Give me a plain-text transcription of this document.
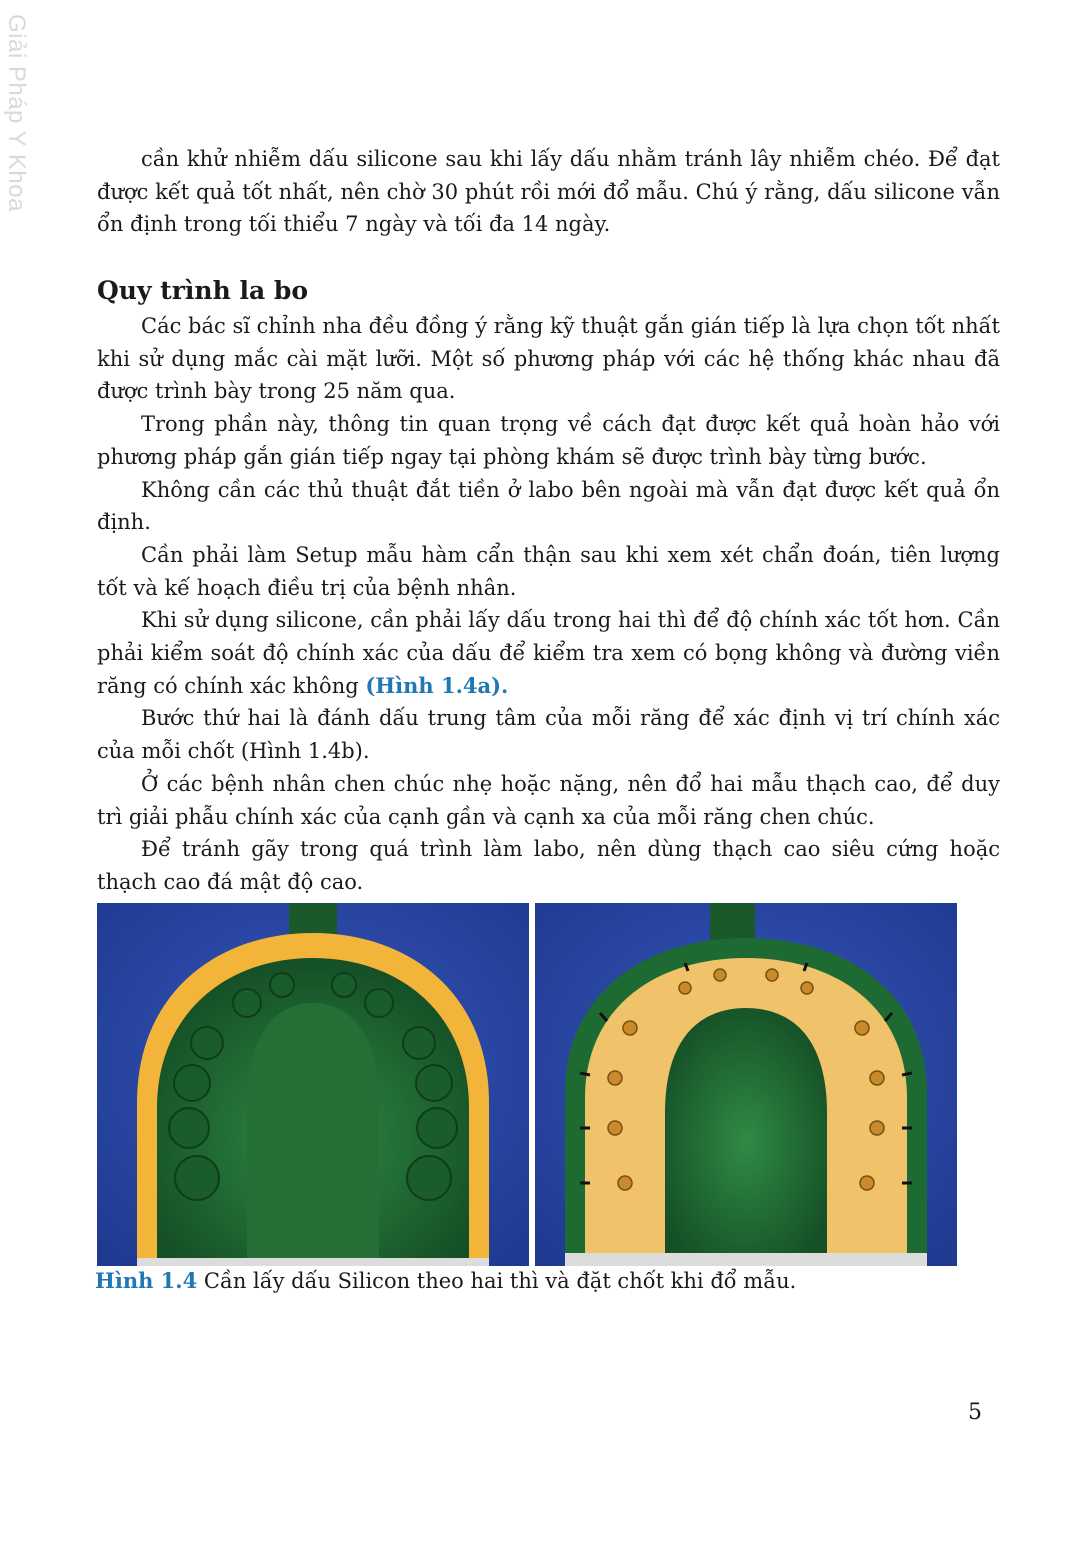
Giải Pháp Y Khoa	cần khử nhiễm dấu silicone sau khi lấy dấu nhằm tránh lây nhiễm chéo. Để đạt được kết quả tốt nhất, nên chờ 30 phút rồi mới đổ mẫu. Chú ý rằng, dấu silicone vẫn ổn định trong tối thiểu 7 ngày và tối đa 14 ngày.

Quy trình la bo

Các bác sĩ chỉnh nha đều đồng ý rằng kỹ thuật gắn gián tiếp là lựa chọn tốt nhất khi sử dụng mắc cài mặt lưỡi. Một số phương pháp với các hệ thống khác nhau đã được trình bày trong 25 năm qua.

Trong phần này, thông tin quan trọng về cách đạt được kết quả hoàn hảo với phương pháp gắn gián tiếp ngay tại phòng khám sẽ được trình bày từng bước.

Không cần các thủ thuật đắt tiền ở labo bên ngoài mà vẫn đạt được kết quả ổn định.

Cần phải làm Setup mẫu hàm cẩn thận sau khi xem xét chẩn đoán, tiên lượng tốt và kế hoạch điều trị của bệnh nhân.

Khi sử dụng silicone, cần phải lấy dấu trong hai thì để độ chính xác tốt hơn. Cần phải kiểm soát độ chính xác của dấu để kiểm tra xem có bọng không và đường viền răng có chính xác không (Hình 1.4a).

Bước thứ hai là đánh dấu trung tâm của mỗi răng để xác định vị trí chính xác của mỗi chốt (Hình 1.4b).

Ở các bệnh nhân chen chúc nhẹ hoặc nặng, nên đổ hai mẫu thạch cao, để duy trì giải phẫu chính xác của cạnh gần và cạnh xa của mỗi răng chen chúc.

Để tránh gãy trong quá trình làm labo, nên dùng thạch cao siêu cứng hoặc thạch cao đá mật độ cao.

Hình 1.4 Cần lấy dấu Silicon theo hai thì và đặt chốt khi đổ mẫu.
5
